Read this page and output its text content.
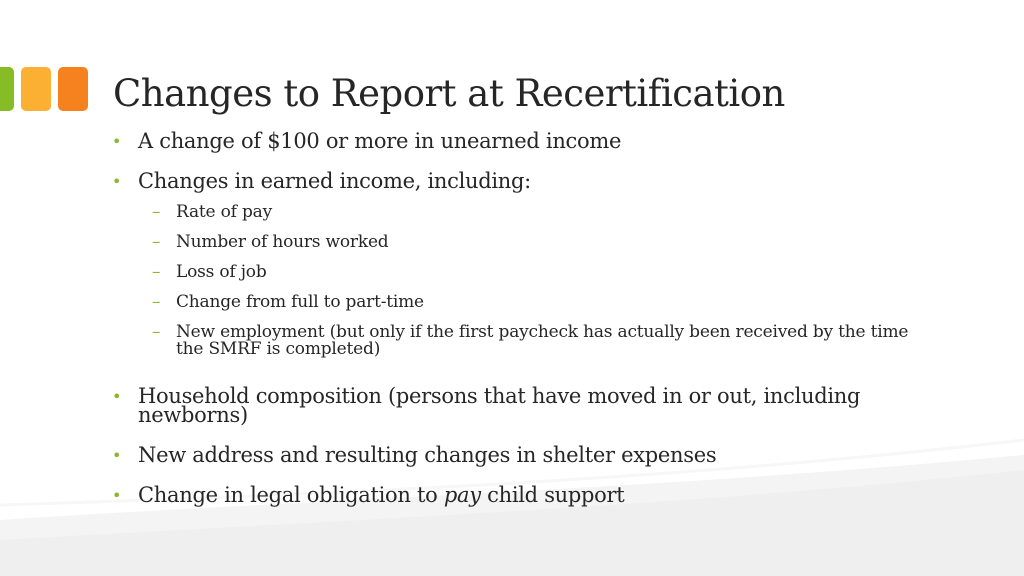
Changes to Report at Recertification
• A change of $100 or more in unearned income
• Changes in earned income, including:
– Rate of pay
– Number of hours worked
– Loss of job
– Change from full to part-time
– New employment (but only if the first paycheck has actually been received by the time the SMRF is completed)
• Household composition (persons that have moved in or out, including newborns)
• New address and resulting changes in shelter expenses
• Change in legal obligation to pay child support
